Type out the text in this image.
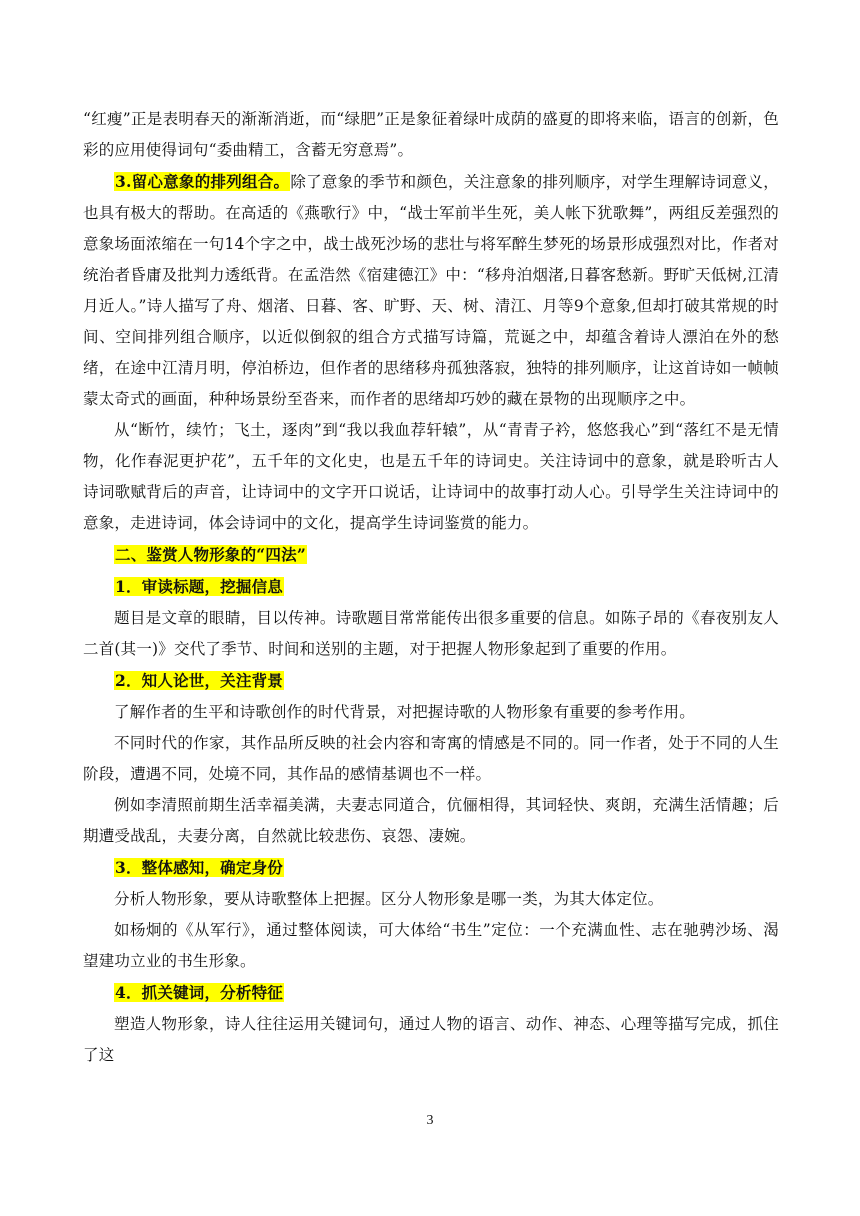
“红瘦”正是表明春天的渐渐消逝，而“绿肥”正是象征着绿叶成荫的盛夏的即将来临，语言的创新，色彩的应用使得词句“委曲精工，含蓄无穷意焉”。

3.留心意象的排列组合。除了意象的季节和颜色，关注意象的排列顺序，对学生理解诗词意义，也具有极大的帮助。在高适的《燕歌行》中，“战士军前半生死，美人帐下犹歌舞”，两组反差强烈的意象场面浓缩在一句14个字之中，战士战死沙场的悲壮与将军醉生梦死的场景形成强烈对比，作者对统治者昏庸及批判力透纸背。在孟浩然《宿建德江》中：“移舟泊烟渚,日暮客愁新。野旷天低树,江清月近人。”诗人描写了舟、烟渚、日暮、客、旷野、天、树、清江、月等9个意象,但却打破其常规的时间、空间排列组合顺序，以近似倒叙的组合方式描写诗篇，荒诞之中，却蕴含着诗人漂泊在外的愁绪，在途中江清月明，停泊桥边，但作者的思绪移舟孤独落寂，独特的排列顺序，让这首诗如一帧帧蒙太奇式的画面，种种场景纷至沓来，而作者的思绪却巧妙的藏在景物的出现顺序之中。

从“断竹，续竹；飞土，逐肉”到“我以我血荐轩辕”，从“青青子衿，悠悠我心”到“落红不是无情物，化作春泥更护花”，五千年的文化史，也是五千年的诗词史。关注诗词中的意象，就是聆听古人诗词歌赋背后的声音，让诗词中的文字开口说话，让诗词中的故事打动人心。引导学生关注诗词中的意象，走进诗词，体会诗词中的文化，提高学生诗词鉴赏的能力。

二、鉴赏人物形象的“四法”

1．审读标题，挖掘信息

题目是文章的眼睛，目以传神。诗歌题目常常能传出很多重要的信息。如陈子昂的《春夜别友人二首(其一)》交代了季节、时间和送别的主题，对于把握人物形象起到了重要的作用。

2．知人论世，关注背景

了解作者的生平和诗歌创作的时代背景，对把握诗歌的人物形象有重要的参考作用。

不同时代的作家，其作品所反映的社会内容和寄寓的情感是不同的。同一作者，处于不同的人生阶段，遭遇不同，处境不同，其作品的感情基调也不一样。

例如李清照前期生活幸福美满，夫妻志同道合，伉俪相得，其词轻快、爽朗，充满生活情趣；后期遭受战乱，夫妻分离，自然就比较悲伤、哀怨、凄婉。

3．整体感知，确定身份

分析人物形象，要从诗歌整体上把握。区分人物形象是哪一类，为其大体定位。

如杨炯的《从军行》，通过整体阅读，可大体给“书生”定位：一个充满血性、志在驰骋沙场、渴望建功立业的书生形象。

4．抓关键词，分析特征

塑造人物形象，诗人往往运用关键词句，通过人物的语言、动作、神态、心理等描写完成，抓住了这

3
